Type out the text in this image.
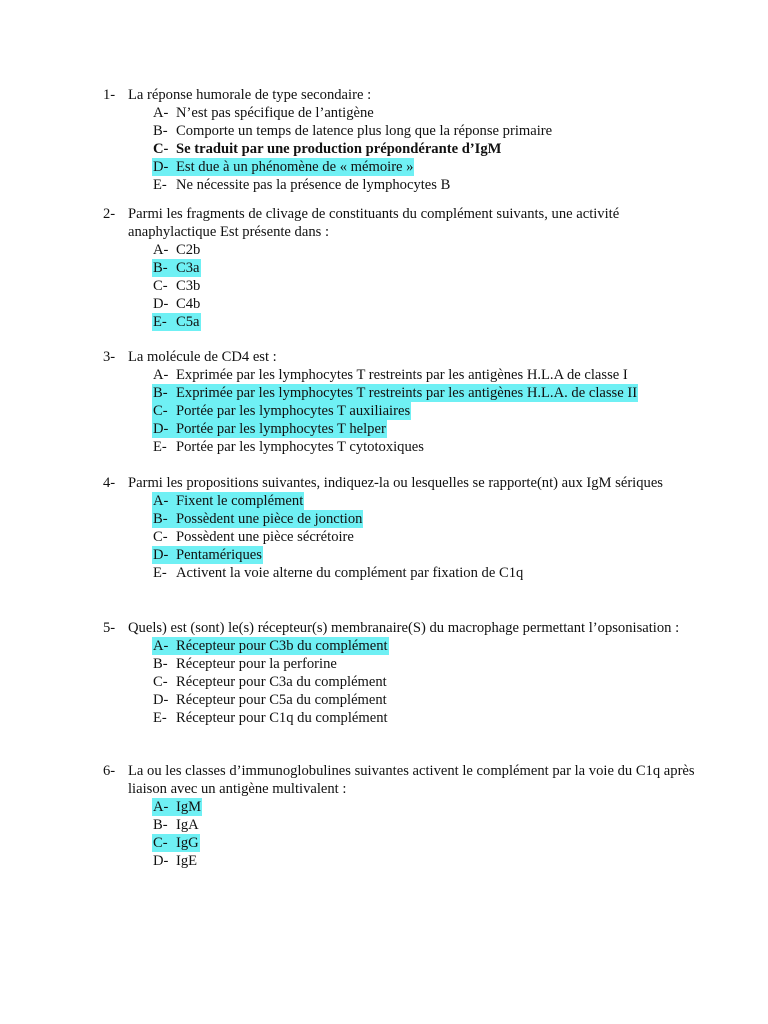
1- La réponse humorale de type secondaire :
A- N’est pas spécifique de l’antigène
B- Comporte un temps de latence plus long que la réponse primaire
C- Se traduit par une production prépondérante d’IgM
D- Est due à un phénomène de « mémoire »
E- Ne nécessite pas la présence de lymphocytes B
2- Parmi les fragments de clivage de constituants du complément suivants, une activité anaphylactique Est présente dans :
A- C2b
B- C3a
C- C3b
D- C4b
E- C5a
3- La molécule de CD4 est :
A- Exprimée par les lymphocytes T restreints par les antigènes H.L.A de classe I
B- Exprimée par les lymphocytes T restreints par les antigènes H.L.A. de classe II
C- Portée par les lymphocytes T auxiliaires
D- Portée par les lymphocytes T helper
E- Portée par les lymphocytes T cytotoxiques
4- Parmi les propositions suivantes, indiquez-la ou lesquelles se rapporte(nt) aux IgM sériques
A- Fixent le complément
B- Possèdent une pièce de jonction
C- Possèdent une pièce sécrétoire
D- Pentamériques
E- Activent la voie alterne du complément par fixation de C1q
5- Quels) est (sont) le(s) récepteur(s) membranaire(S) du macrophage permettant l’opsonisation :
A- Récepteur pour C3b du complément
B- Récepteur pour la perforine
C- Récepteur pour C3a du complément
D- Récepteur pour C5a du complément
E- Récepteur pour C1q du complément
6- La ou les classes d’immunoglobulines suivantes activent le complément par la voie du C1q après liaison avec un antigène multivalent :
A- IgM
B- IgA
C- IgG
D- IgE
